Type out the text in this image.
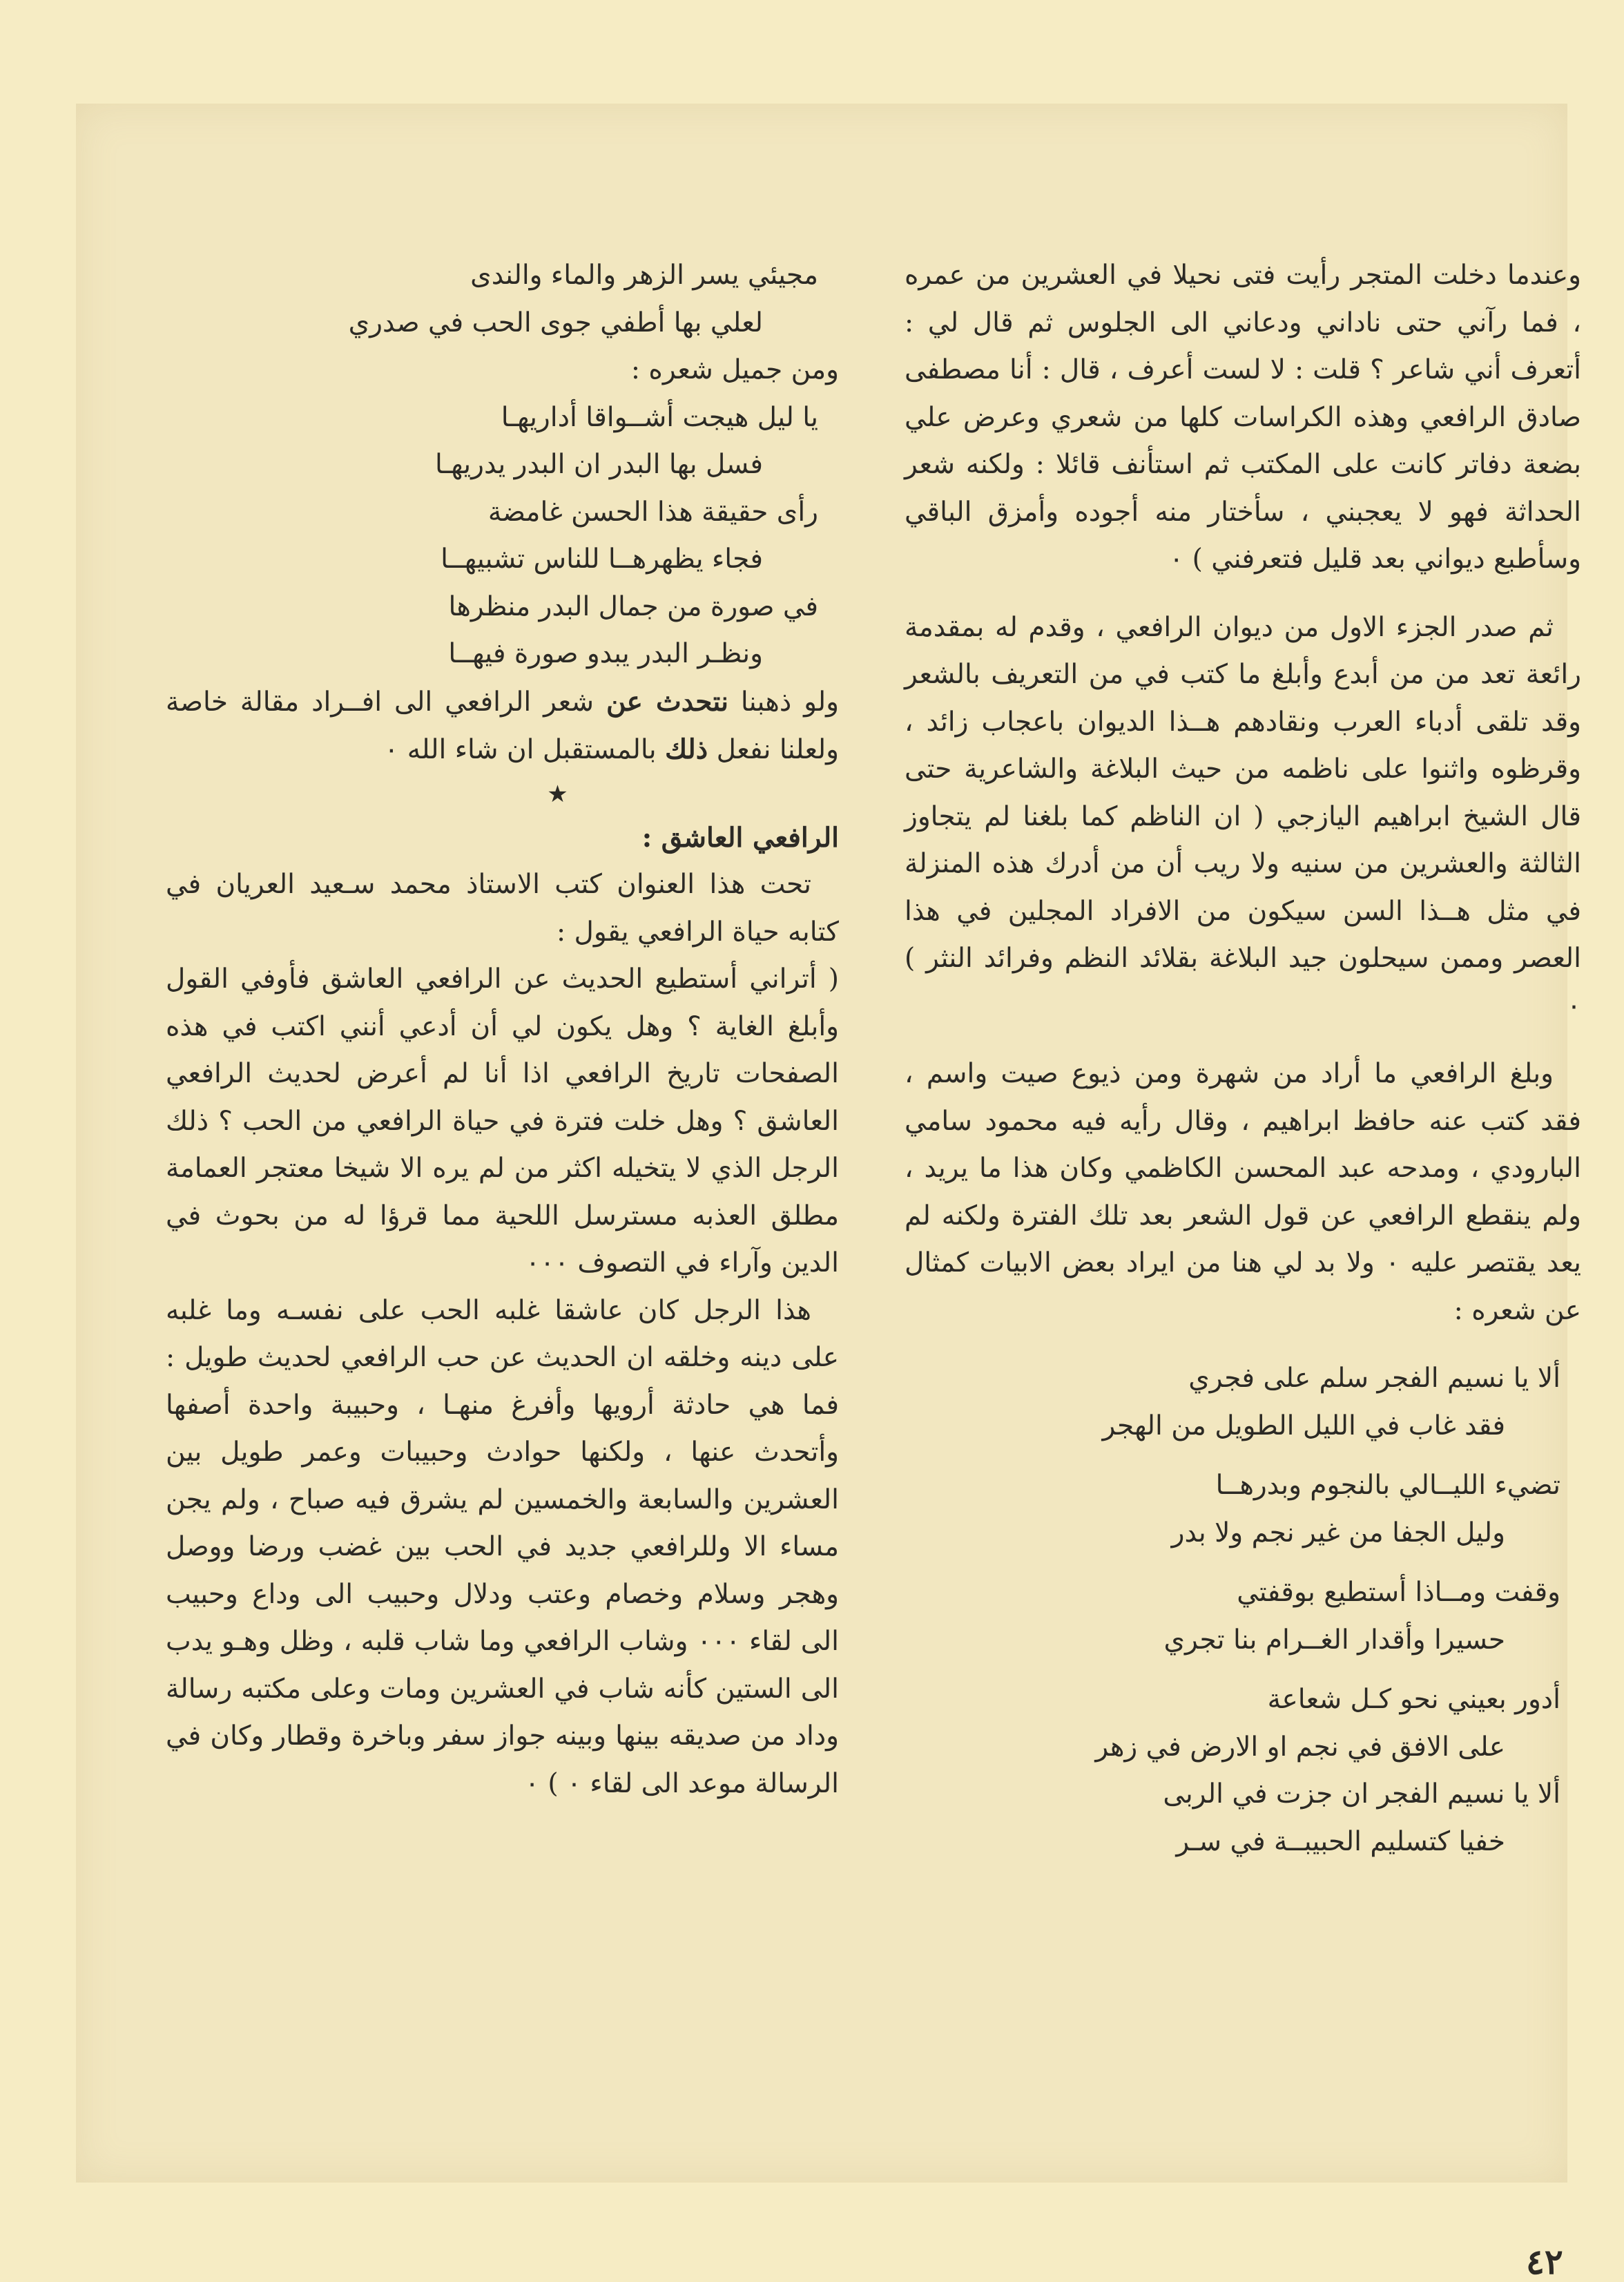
وعندما دخلت المتجر رأيت فتى نحيلا في العشرين من عمره ، فما رآني حتى ناداني ودعاني الى الجلوس ثم قال لي : أتعرف أني شاعر ؟ قلت : لا لست أعرف ، قال : أنا مصطفى صادق الرافعي وهذه الكراسات كلها من شعري وعرض علي بضعة دفاتر كانت على المكتب ثم استأنف قائلا : ولكنه شعر الحداثة فهو لا يعجبني ، سأختار منه أجوده وأمزق الباقي وسأطبع ديواني بعد قليل فتعرفني ) ٠

ثم صدر الجزء الاول من ديوان الرافعي ، وقدم له بمقدمة رائعة تعد من من أبدع وأبلغ ما كتب في من التعريف بالشعر وقد تلقى أدباء العرب ونقادهم هــذا الديوان باعجاب زائد ، وقرظوه واثنوا على ناظمه من حيث البلاغة والشاعرية حتى قال الشيخ ابراهيم اليازجي ( ان الناظم كما بلغنا لم يتجاوز الثالثة والعشرين من سنيه ولا ريب أن من أدرك هذه المنزلة في مثل هــذا السن سيكون من الافراد المجلين في هذا العصر وممن سيحلون جيد البلاغة بقلائد النظم وفرائد النثر ) ٠

وبلغ الرافعي ما أراد من شهرة ومن ذيوع صيت واسم ، فقد كتب عنه حافظ ابراهيم ، وقال رأيه فيه محمود سامي البارودي ، ومدحه عبد المحسن الكاظمي وكان هذا ما يريد ، ولم ينقطع الرافعي عن قول الشعر بعد تلك الفترة ولكنه لم يعد يقتصر عليه ٠ ولا بد لي هنا من ايراد بعض الابيات كمثال عن شعره :

ألا يا نسيم الفجر سلم على فجري
فقد غاب في الليل الطويل من الهجر
تضيء الليــالي بالنجوم وبدرهــا
وليل الجفا من غير نجم ولا بدر
وقفت ومــاذا أستطيع بوقفتي
حسيرا وأقدار الغــرام بنا تجري
أدور بعيني نحو كـل شعاعة
على الافق في نجم او الارض في زهر
ألا يا نسيم الفجر ان جزت في الربى
خفيا كتسليم الحبيبــة في سـر
مجيئي يسر الزهر والماء والندى
لعلي بها أطفي جوى الحب في صدري

ومن جميل شعره :

يا ليل هيجت أشــواقا أداريهـا
فسل بها البدر ان البدر يدريهـا
رأى حقيقة هذا الحسن غامضة
فجاء يظهرهــا للناس تشبيهــا
في صورة من جمال البدر منظرها
ونظـر البدر يبدو صورة فيهــا

ولو ذهبنا نتحدث عن شعر الرافعي الى افــراد مقالة خاصة ولعلنا نفعل ذلك بالمستقبل ان شاء الله ٠

★

الرافعي العاشق :

تحت هذا العنوان كتب الاستاذ محمد سـعيد العريان في كتابه حياة الرافعي يقول :

( أتراني أستطيع الحديث عن الرافعي العاشق فأوفي القول وأبلغ الغاية ؟ وهل يكون لي أن أدعي أنني اكتب في هذه الصفحات تاريخ الرافعي اذا أنا لم أعرض لحديث الرافعي العاشق ؟ وهل خلت فترة في حياة الرافعي من الحب ؟ ذلك الرجل الذي لا يتخيله اكثر من لم يره الا شيخا معتجر العمامة مطلق العذبه مسترسل اللحية مما قرؤا له من بحوث في الدين وآراء في التصوف ٠٠٠

هذا الرجل كان عاشقا غلبه الحب على نفسـه وما غلبه على دينه وخلقه ان الحديث عن حب الرافعي لحديث طويل : فما هي حادثة أرويها وأفرغ منهـا ، وحبيبة واحدة أصفها وأتحدث عنها ، ولكنها حوادث وحبيبات وعمر طويل بين العشرين والسابعة والخمسين لم يشرق فيه صباح ، ولم يجن مساء الا وللرافعي جديد في الحب بين غضب ورضا ووصل وهجر وسلام وخصام وعتب ودلال وحبيب الى وداع وحبيب الى لقاء ٠٠٠ وشاب الرافعي وما شاب قلبه ، وظل وهـو يدب الى الستين كأنه شاب في العشرين ومات وعلى مكتبه رسالة وداد من صديقه بينها وبينه جواز سفر وباخرة وقطار وكان في الرسالة موعد الى لقاء ٠ ) ٠

٤٢
